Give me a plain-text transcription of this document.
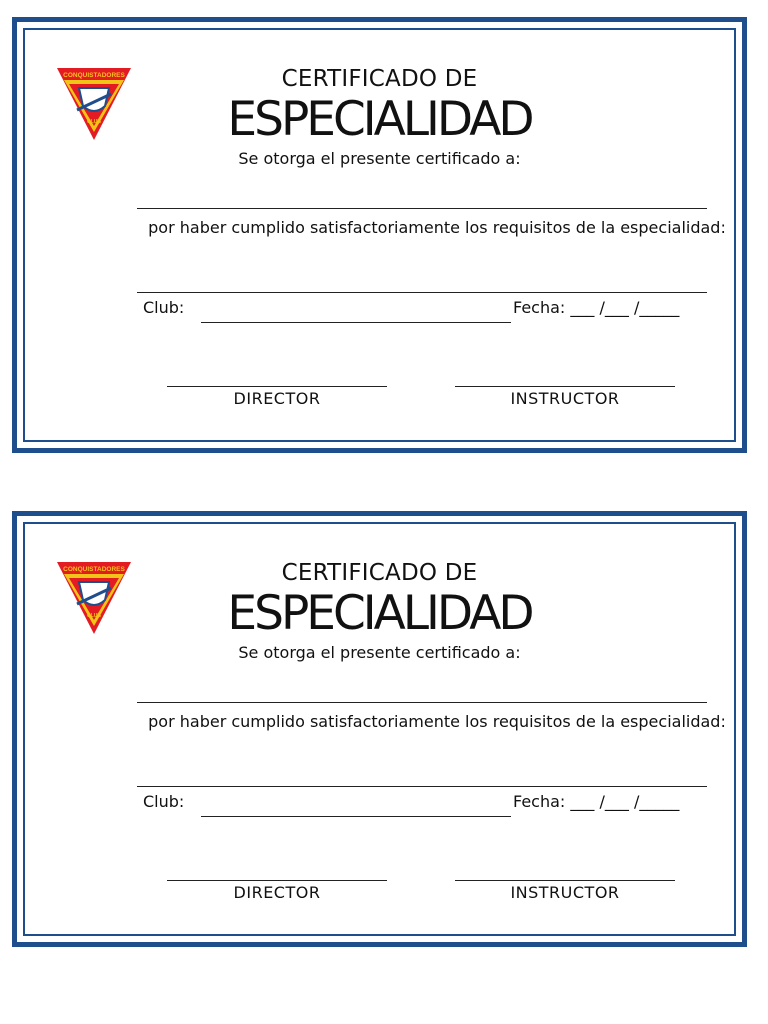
CONQUISTADORES
CLUB
CERTIFICADO DE
ESPECIALIDAD
Se otorga el presente certificado a:
por haber cumplido satisfactoriamente los requisitos de la especialidad:
Club:	Fecha: ___ /___ /_____
DIRECTOR	INSTRUCTOR
CONQUISTADORES
CLUB
CERTIFICADO DE
ESPECIALIDAD
Se otorga el presente certificado a:
por haber cumplido satisfactoriamente los requisitos de la especialidad:
Club:	Fecha: ___ /___ /_____
DIRECTOR	INSTRUCTOR
